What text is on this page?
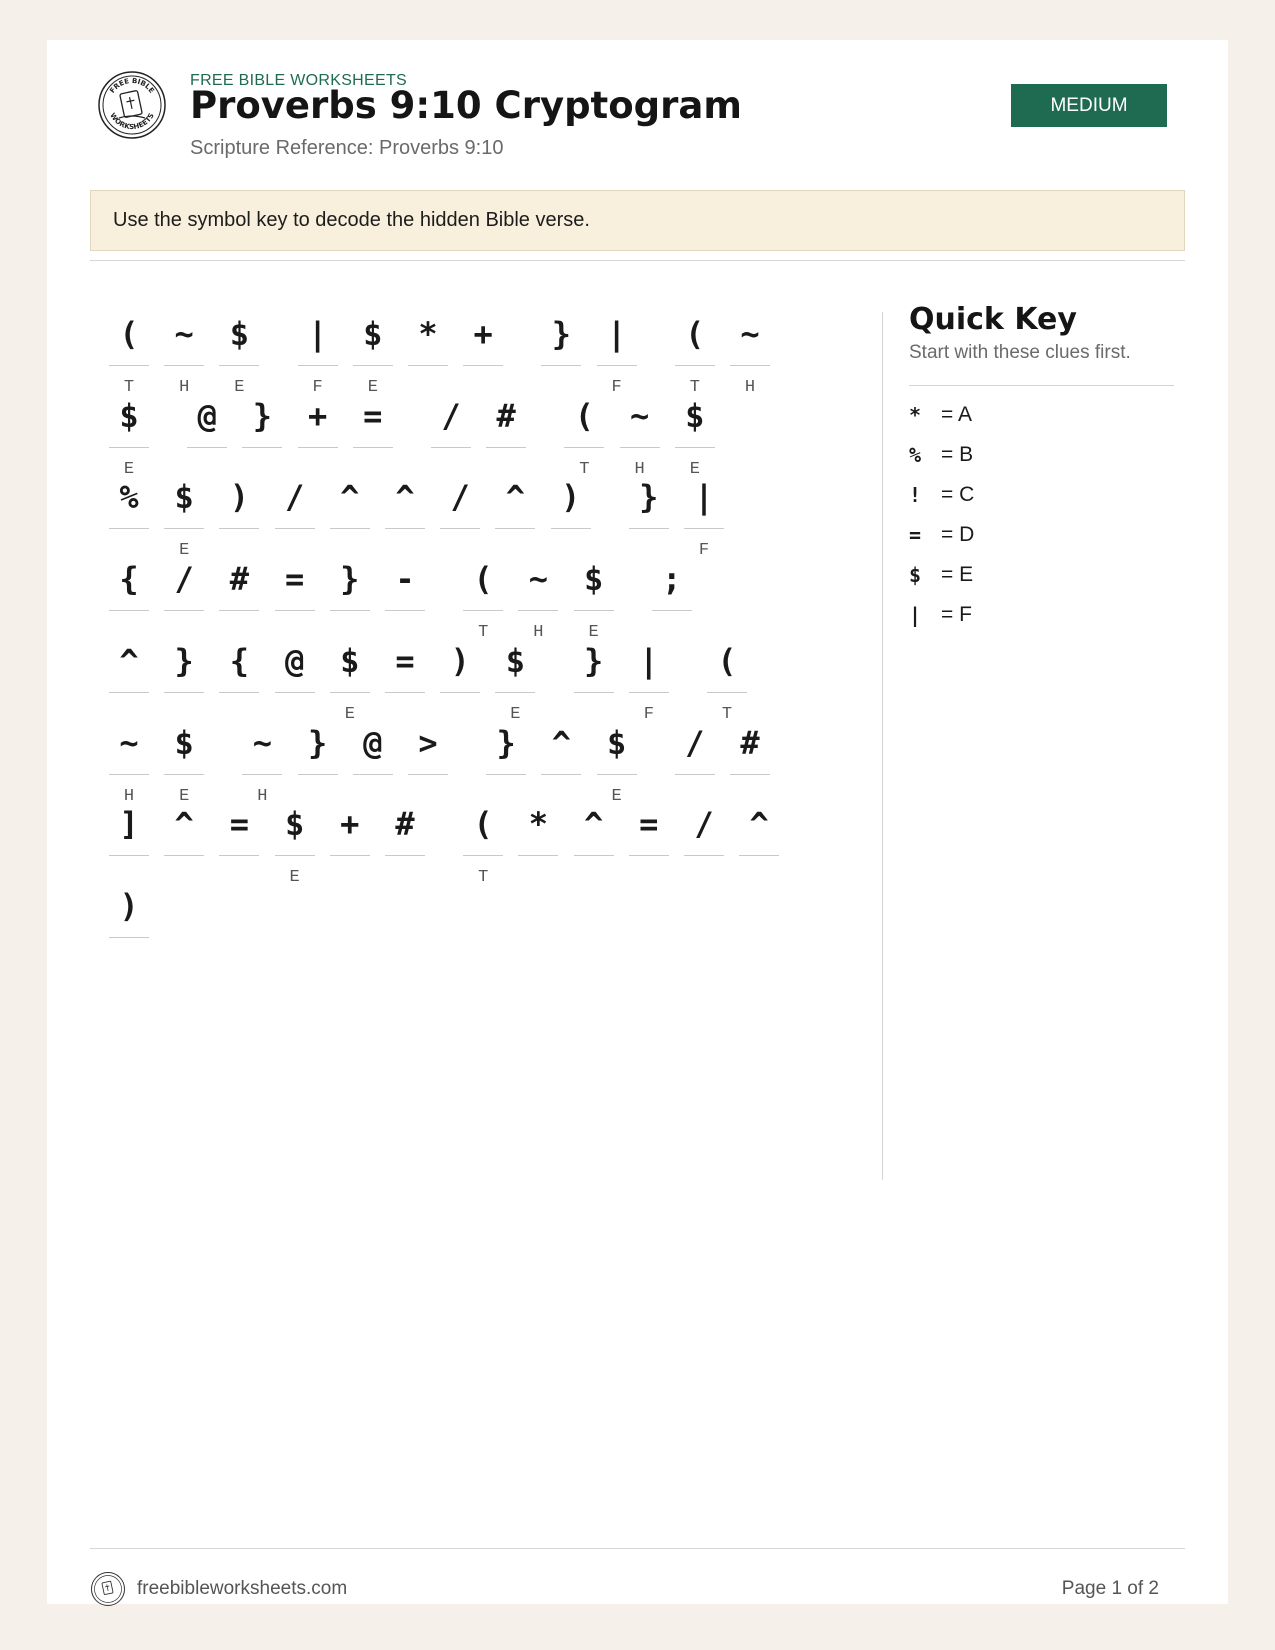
FREE BIBLE
WORKSHEETS
FREE BIBLE WORKSHEETS
Proverbs 9:10 Cryptogram
Scripture Reference: Proverbs 9:10
MEDIUM
Use the symbol key to decode the hidden Bible verse.
(
T
~
H
$
E
|
F
$
E
*	+	}	|
F
(
T
~
H
$
E
@	}	+	=	/	#	(
T
~
H
$
E
%	$
E
)	/	^	^	/	^	)	}	|
F
{	/	#	=	}	-	(
T
~
H
$
E
;
^	}	{	@	$
E
=	)	$
E
}	|
F
(
T
~
H
$
E
~
H
}	@	>	}	^	$
E
/	#
]	^	=	$
E
+	#	(
T
*	^	=	/	^
)
Quick Key
Start with these clues first.
* = A
% = B
! = C
= = D
$ = E
| = F
freebibleworksheets.com	Page 1 of 2
